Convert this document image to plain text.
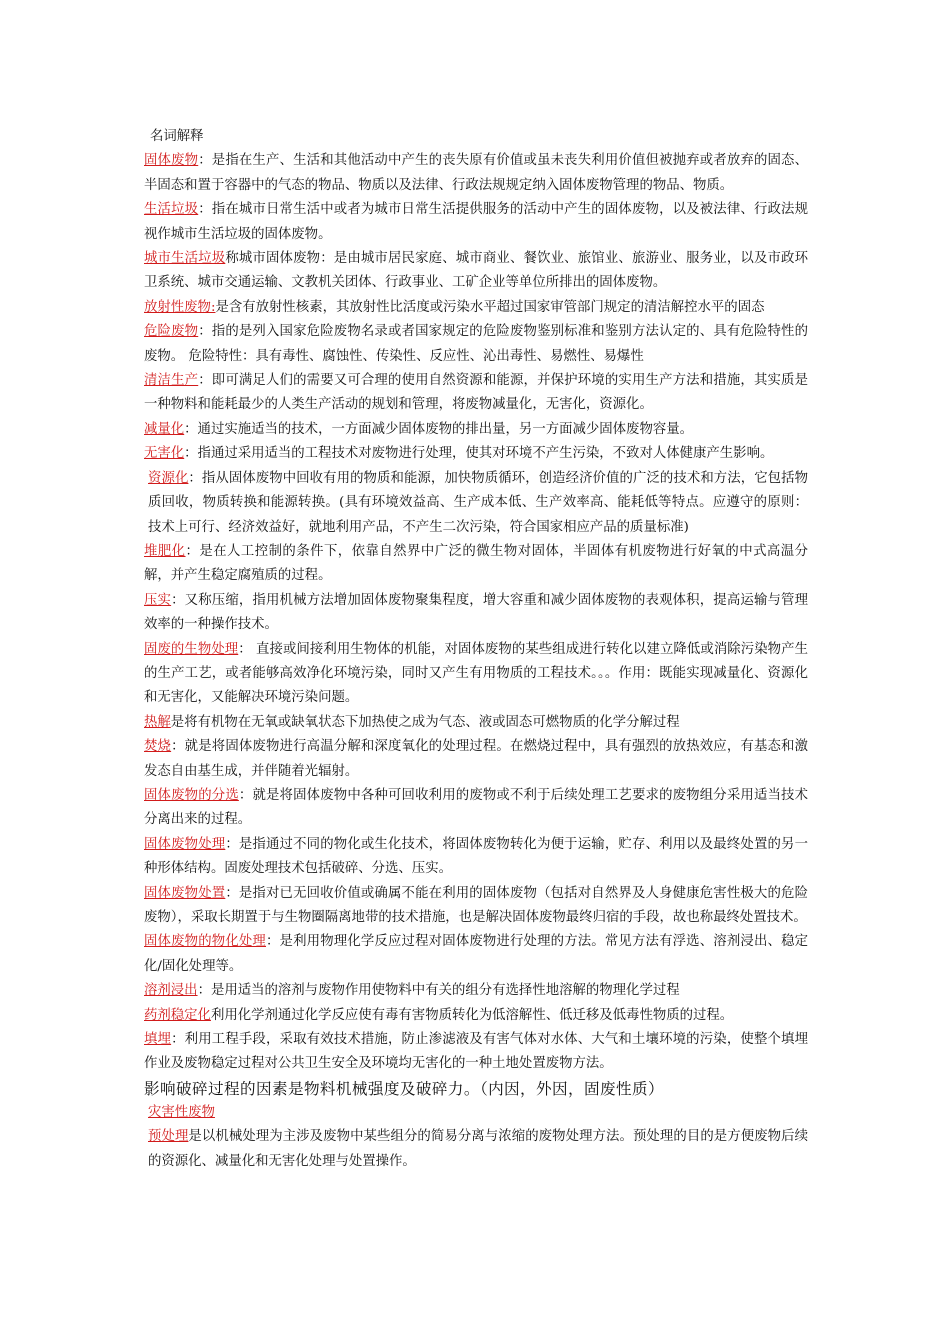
名词解释

固体废物：是指在生产、生活和其他活动中产生的丧失原有价值或虽未丧失利用价值但被抛弃或者放弃的固态、半固态和置于容器中的气态的物品、物质以及法律、行政法规规定纳入固体废物管理的物品、物质。

生活垃圾：指在城市日常生活中或者为城市日常生活提供服务的活动中产生的固体废物，以及被法律、行政法规视作城市生活垃圾的固体废物。

城市生活垃圾称城市固体废物：是由城市居民家庭、城市商业、餐饮业、旅馆业、旅游业、服务业，以及市政环卫系统、城市交通运输、文教机关团体、行政事业、工矿企业等单位所排出的固体废物。

放射性废物:是含有放射性核素，其放射性比活度或污染水平超过国家审管部门规定的清洁解控水平的固态

危险废物：指的是列入国家危险废物名录或者国家规定的危险废物鉴别标准和鉴别方法认定的、具有危险特性的废物。 危险特性：具有毒性、腐蚀性、传染性、反应性、沁出毒性、易燃性、易爆性

清洁生产：即可满足人们的需要又可合理的使用自然资源和能源，并保护环境的实用生产方法和措施，其实质是一种物料和能耗最少的人类生产活动的规划和管理，将废物减量化，无害化，资源化。

减量化：通过实施适当的技术，一方面减少固体废物的排出量，另一方面减少固体废物容量。

无害化：指通过采用适当的工程技术对废物进行处理，使其对环境不产生污染，不致对人体健康产生影响。

资源化：指从固体废物中回收有用的物质和能源，加快物质循环，创造经济价值的广泛的技术和方法，它包括物质回收，物质转换和能源转换。(具有环境效益高、生产成本低、生产效率高、能耗低等特点。应遵守的原则：技术上可行、经济效益好，就地利用产品，不产生二次污染，符合国家相应产品的质量标准)

堆肥化：是在人工控制的条件下，依靠自然界中广泛的微生物对固体，半固体有机废物进行好氧的中式高温分解，并产生稳定腐殖质的过程。

压实：又称压缩，指用机械方法增加固体废物聚集程度，增大容重和减少固体废物的表观体积，提高运输与管理效率的一种操作技术。

固废的生物处理： 直接或间接利用生物体的机能，对固体废物的某些组成进行转化以建立降低或消除污染物产生的生产工艺，或者能够高效净化环境污染，同时又产生有用物质的工程技术。。。作用：既能实现减量化、资源化和无害化，又能解决环境污染问题。

热解是将有机物在无氧或缺氧状态下加热使之成为气态、液或固态可燃物质的化学分解过程

焚烧：就是将固体废物进行高温分解和深度氧化的处理过程。在燃烧过程中，具有强烈的放热效应，有基态和激发态自由基生成，并伴随着光辐射。

固体废物的分选：就是将固体废物中各种可回收利用的废物或不利于后续处理工艺要求的废物组分采用适当技术分离出来的过程。

固体废物处理：是指通过不同的物化或生化技术，将固体废物转化为便于运输，贮存、利用以及最终处置的另一种形体结构。固废处理技术包括破碎、分选、压实。

固体废物处置：是指对已无回收价值或确属不能在利用的固体废物（包括对自然界及人身健康危害性极大的危险废物），采取长期置于与生物圈隔离地带的技术措施，也是解决固体废物最终归宿的手段，故也称最终处置技术。

固体废物的物化处理：是利用物理化学反应过程对固体废物进行处理的方法。常见方法有浮选、溶剂浸出、稳定化/固化处理等。

溶剂浸出：是用适当的溶剂与废物作用使物料中有关的组分有选择性地溶解的物理化学过程

药剂稳定化利用化学剂通过化学反应使有毒有害物质转化为低溶解性、低迁移及低毒性物质的过程。

填埋：利用工程手段，采取有效技术措施，防止渗滤液及有害气体对水体、大气和土壤环境的污染，使整个填埋作业及废物稳定过程对公共卫生安全及环境均无害化的一种土地处置废物方法。

影响破碎过程的因素是物料机械强度及破碎力。（内因，外因，固废性质）

灾害性废物

预处理是以机械处理为主涉及废物中某些组分的简易分离与浓缩的废物处理方法。预处理的目的是方便废物后续的资源化、减量化和无害化处理与处置操作。
